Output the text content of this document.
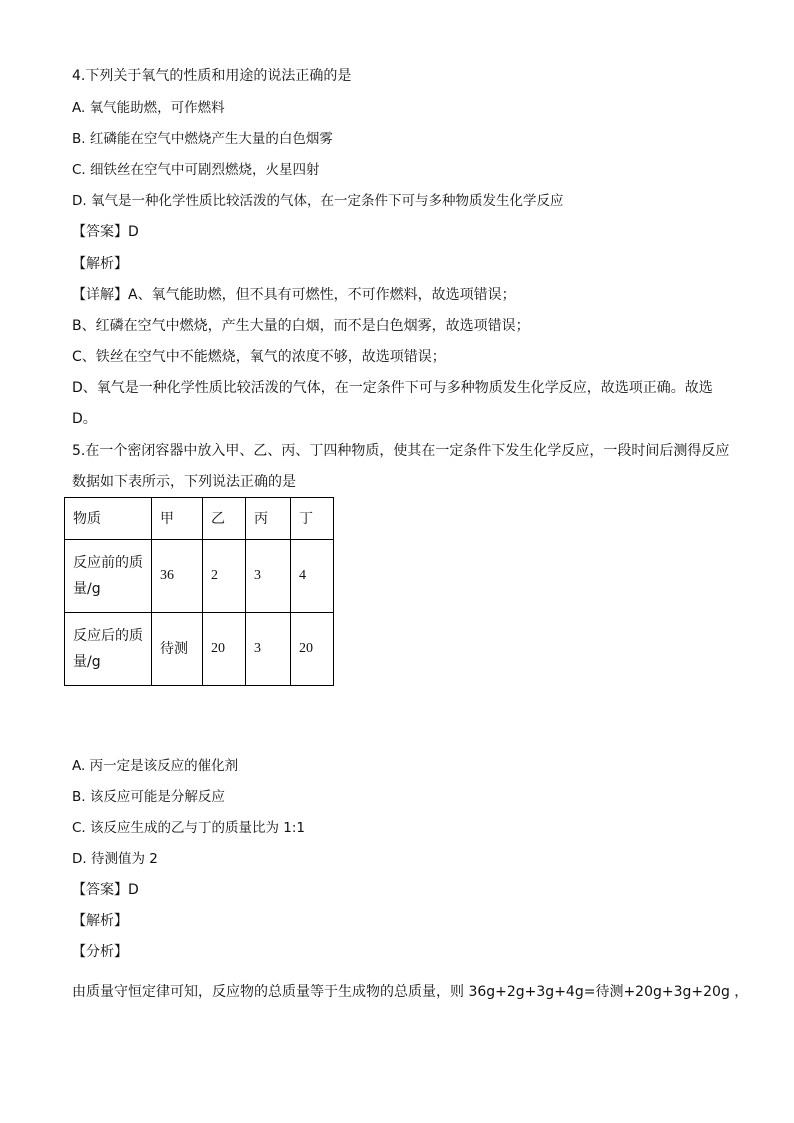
4.下列关于氧气的性质和用途的说法正确的是
A. 氧气能助燃，可作燃料
B. 红磷能在空气中燃烧产生大量的白色烟雾
C. 细铁丝在空气中可剧烈燃烧，火星四射
D. 氧气是一种化学性质比较活泼的气体，在一定条件下可与多种物质发生化学反应
【答案】D
【解析】
【详解】A、氧气能助燃，但不具有可燃性，不可作燃料，故选项错误；
B、红磷在空气中燃烧，产生大量的白烟，而不是白色烟雾，故选项错误；
C、铁丝在空气中不能燃烧，氧气的浓度不够，故选项错误；
D、氧气是一种化学性质比较活泼的气体，在一定条件下可与多种物质发生化学反应，故选项正确。故选
D。
5.在一个密闭容器中放入甲、乙、丙、丁四种物质，使其在一定条件下发生化学反应，一段时间后测得反应
数据如下表所示，下列说法正确的是
物质	甲	乙	丙	丁

反应前的质
量/g	36	2	3	4

反应后的质
量/g	待测	20	3	20
A. 丙一定是该反应的催化剂
B. 该反应可能是分解反应
C. 该反应生成的乙与丁的质量比为 1:1
D. 待测值为 2
【答案】D
【解析】
【分析】
由质量守恒定律可知，反应物的总质量等于生成物的总质量，则 36g+2g+3g+4g=待测+20g+3g+20g ，
